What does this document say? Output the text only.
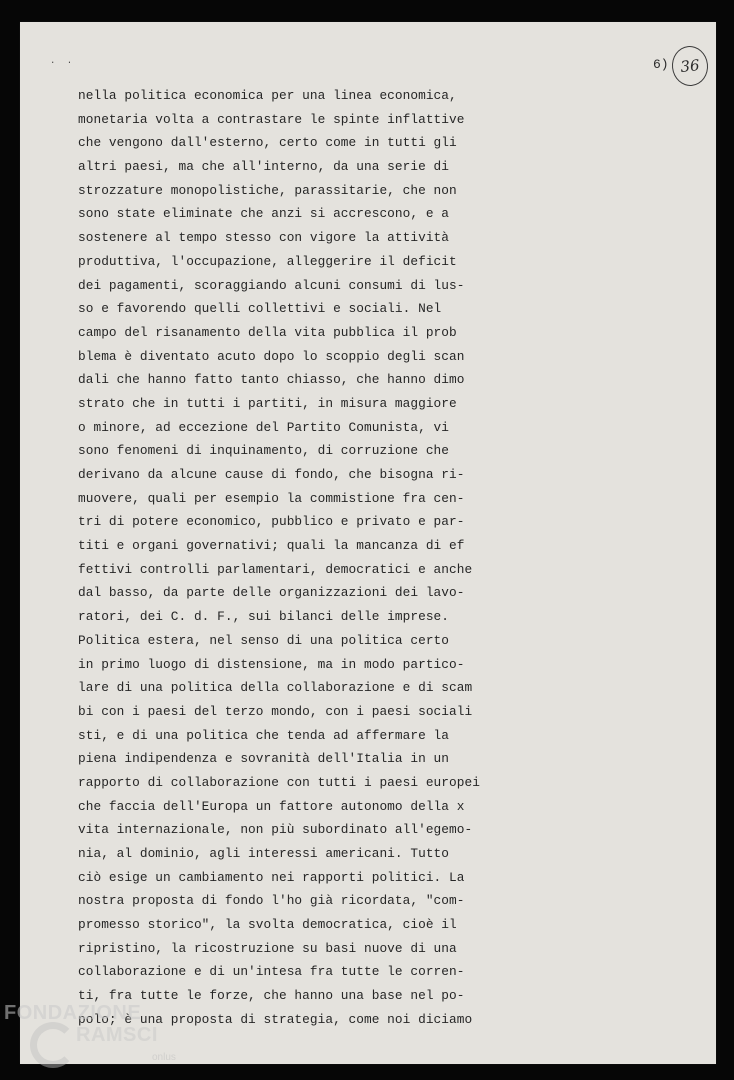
. .	6) 36
nella politica economica per una linea economica,
monetaria volta a contrastare le spinte inflattive
che vengono dall'esterno, certo come in tutti gli
altri paesi, ma che all'interno, da una serie di
strozzature monopolistiche, parassitarie, che non
sono state eliminate che anzi si accrescono, e a
sostenere al tempo stesso con vigore la attività
produttiva, l'occupazione, alleggerire il deficit
dei pagamenti, scoraggiando alcuni consumi di lus-
so e favorendo quelli collettivi e sociali. Nel
campo del risanamento della vita pubblica il prob
blema è diventato acuto dopo lo scoppio degli scan
dali che hanno fatto tanto chiasso, che hanno dimo
strato che in tutti i partiti, in misura maggiore
o minore, ad eccezione del Partito Comunista, vi
sono fenomeni di inquinamento, di corruzione che
derivano da alcune cause di fondo, che bisogna ri-
muovere, quali per esempio la commistione fra cen-
tri di potere economico, pubblico e privato e par-
titi e organi governativi; quali la mancanza di ef
fettivi controlli parlamentari, democratici e anche
dal basso, da parte delle organizzazioni dei lavo-
ratori, dei C. d. F., sui bilanci delle imprese.
Politica estera, nel senso di una politica certo
in primo luogo di distensione, ma in modo partico-
lare di una politica della collaborazione e di scam
bi con i paesi del terzo mondo, con i paesi sociali
sti, e di una politica che tenda ad affermare la
piena indipendenza e sovranità dell'Italia in un
rapporto di collaborazione con tutti i paesi europei
che faccia dell'Europa un fattore autonomo della x
vita internazionale, non più subordinato all'egemo-
nia, al dominio, agli interessi americani. Tutto
ciò esige un cambiamento nei rapporti politici. La
nostra proposta di fondo l'ho già ricordata, "com-
promesso storico", la svolta democratica, cioè il
ripristino, la ricostruzione su basi nuove di una
collaborazione e di un'intesa fra tutte le corren-
ti, fra tutte le forze, che hanno una base nel po-
polo; è una proposta di strategia, come noi diciamo
FONDAZIONE
RAMSCI
onlus
